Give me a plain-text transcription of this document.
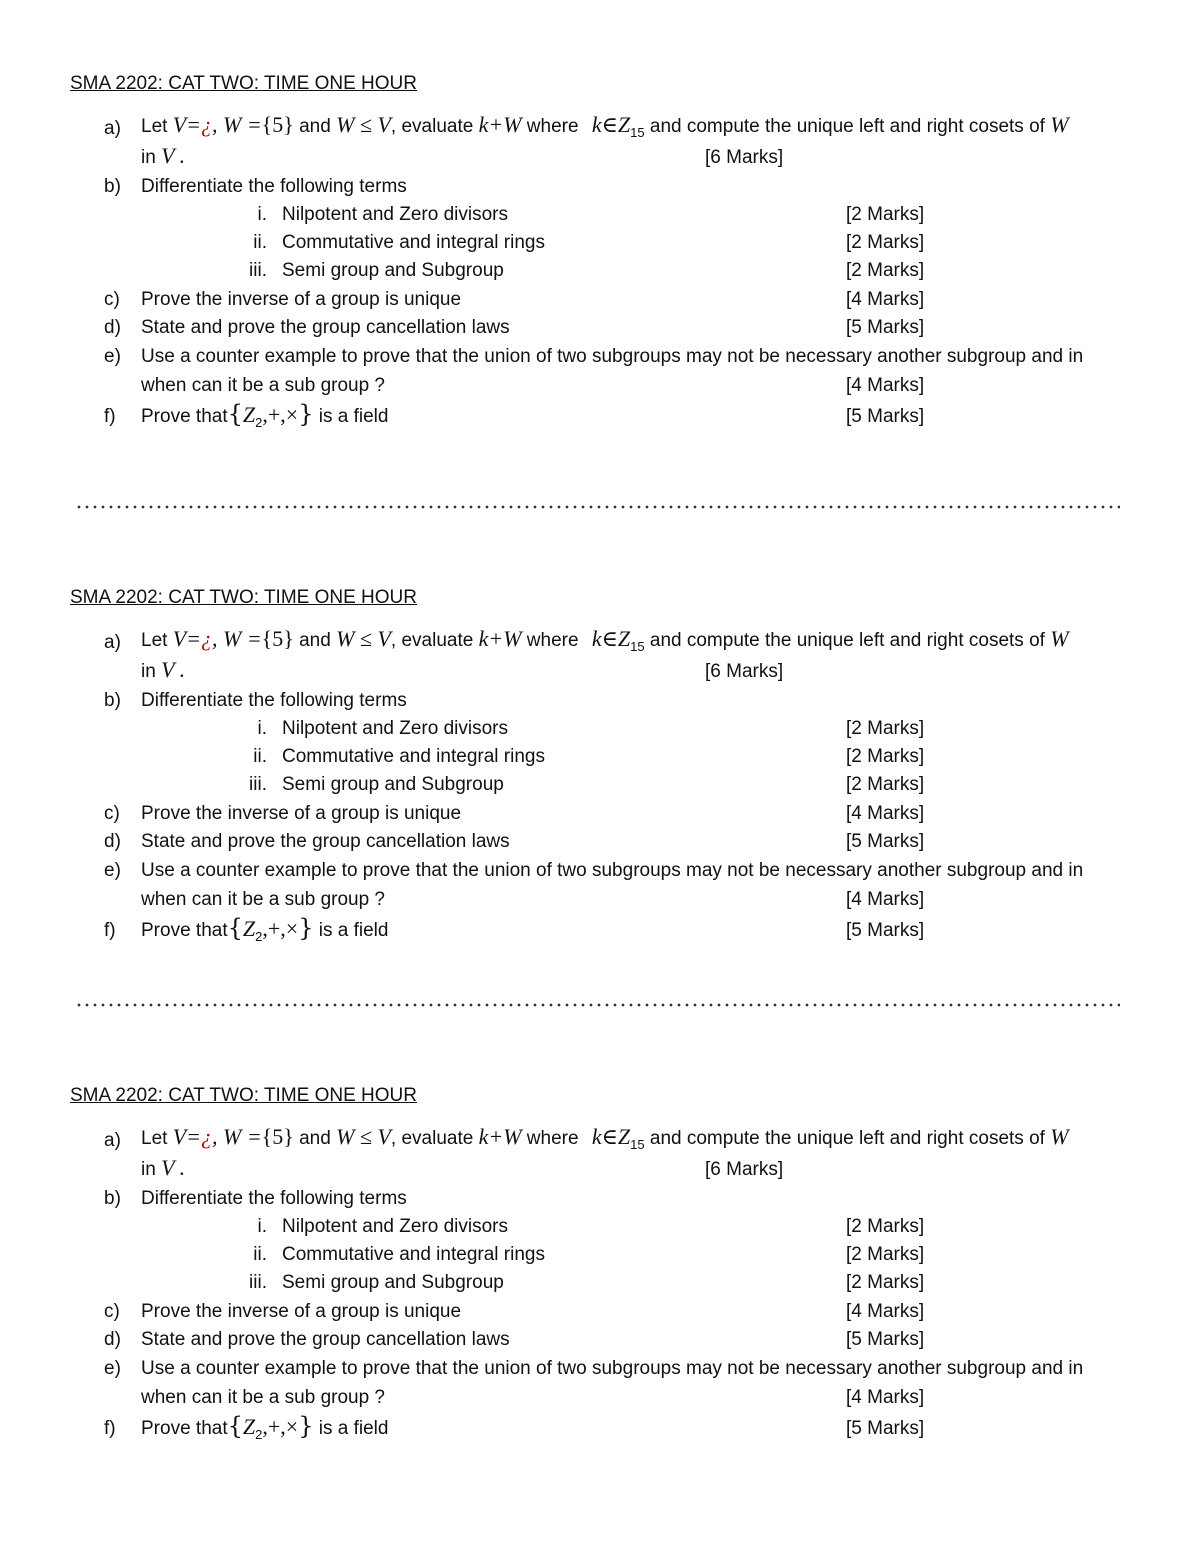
SMA 2202: CAT TWO: TIME ONE HOUR
a) Let V=¿, W ={5} and W ≤ V, evaluate k+W where $k\in Z_{15}$ and compute the unique left and right cosets of W
in V .	[6 Marks]
b) Differentiate the following terms
i. Nilpotent and Zero divisors	[2 Marks]
ii. Commutative and integral rings	[2 Marks]
iii. Semi group and Subgroup	[2 Marks]
c) Prove the inverse of a group is unique	[4 Marks]
d) State and prove the group cancellation laws	[5 Marks]
e) Use a counter example to prove that the union of two subgroups may not be necessary another subgroup and in
when can it be a sub group ?	[4 Marks]
f) Prove $that\{Z_2,+,\times\}$ is a field	[5 Marks]
SMA 2202: CAT TWO: TIME ONE HOUR
a) Let V=¿, W ={5} and W ≤ V, evaluate k+W where $k\in Z_{15}$ and compute the unique left and right cosets of W
in V .	[6 Marks]
b) Differentiate the following terms
i. Nilpotent and Zero divisors	[2 Marks]
ii. Commutative and integral rings	[2 Marks]
iii. Semi group and Subgroup	[2 Marks]
c) Prove the inverse of a group is unique	[4 Marks]
d) State and prove the group cancellation laws	[5 Marks]
e) Use a counter example to prove that the union of two subgroups may not be necessary another subgroup and in
when can it be a sub group ?	[4 Marks]
f) Prove $that\{Z_2,+,\times\}$ is a field	[5 Marks]
SMA 2202: CAT TWO: TIME ONE HOUR
a) Let V=¿, W ={5} and W ≤ V, evaluate k+W where $k\in Z_{15}$ and compute the unique left and right cosets of W
in V .	[6 Marks]
b) Differentiate the following terms
i. Nilpotent and Zero divisors	[2 Marks]
ii. Commutative and integral rings	[2 Marks]
iii. Semi group and Subgroup	[2 Marks]
c) Prove the inverse of a group is unique	[4 Marks]
d) State and prove the group cancellation laws	[5 Marks]
e) Use a counter example to prove that the union of two subgroups may not be necessary another subgroup and in
when can it be a sub group ?	[4 Marks]
f) Prove $that\{Z_2,+,\times\}$ is a field	[5 Marks]
